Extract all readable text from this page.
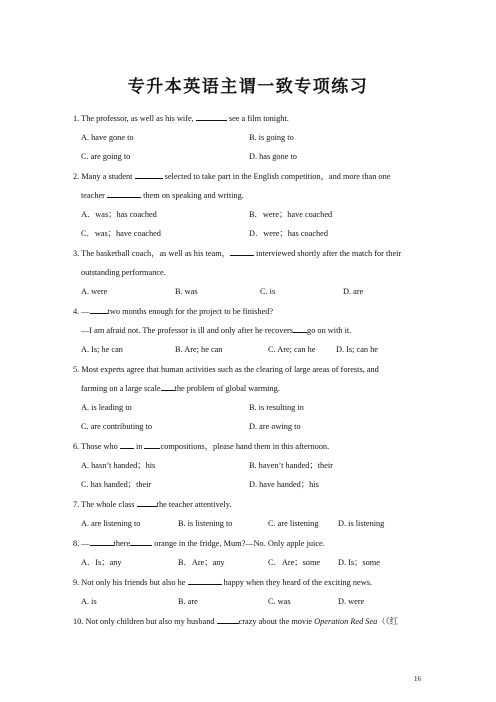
专升本英语主谓一致专项练习
1. The professor, as well as his wife,	see a film tonight.
A. have gone to	B. is going to
C. are going to	D. has gone to
2. Many a student	selected to take part in the English competition，and more than one
teacher	them on speaking and writing.
A．was；has coached	B．were；have coached
C．was；have coached	D．were；has coached
3. The basketball coach，as well as his team，	interviewed shortly after the match for their
outstanding performance.
A. were	B. was	C. is	D. are
4. — two months enough for the project to be finished?
—I am afraid not. The professor is ill and only after he recovers go on with it.
A. Is; he can	B. Are; he can	C. Are; can he D. Is; can he
5. Most experts agree that human activities such as the clearing of large areas of forests, and
farming on a large scale the problem of global warming.
A. is leading to	B. is resulting in
C. are contributing to	D. are owing to
6. Those who  in compositions，please hand them in this afternoon.
A. hasn’t handed；his	B. haven’t handed；their
C. has handed；their	D. have handed；his
7. The whole class the teacher attentively.
A. are listening to	B. is listening to	C. are listening D. is listening
8. —	there	orange in the fridge, Mum?—No. Only apple juice.
A．Is；any	B．Are；any	C．Are；some D. Is；some
9. Not only his friends but also he	happy when they heard of the exciting news.
A. is	B. are	C. was	D. were
10. Not only children but also my husband	crazy about the movie Operation Red Sea（《红
16
